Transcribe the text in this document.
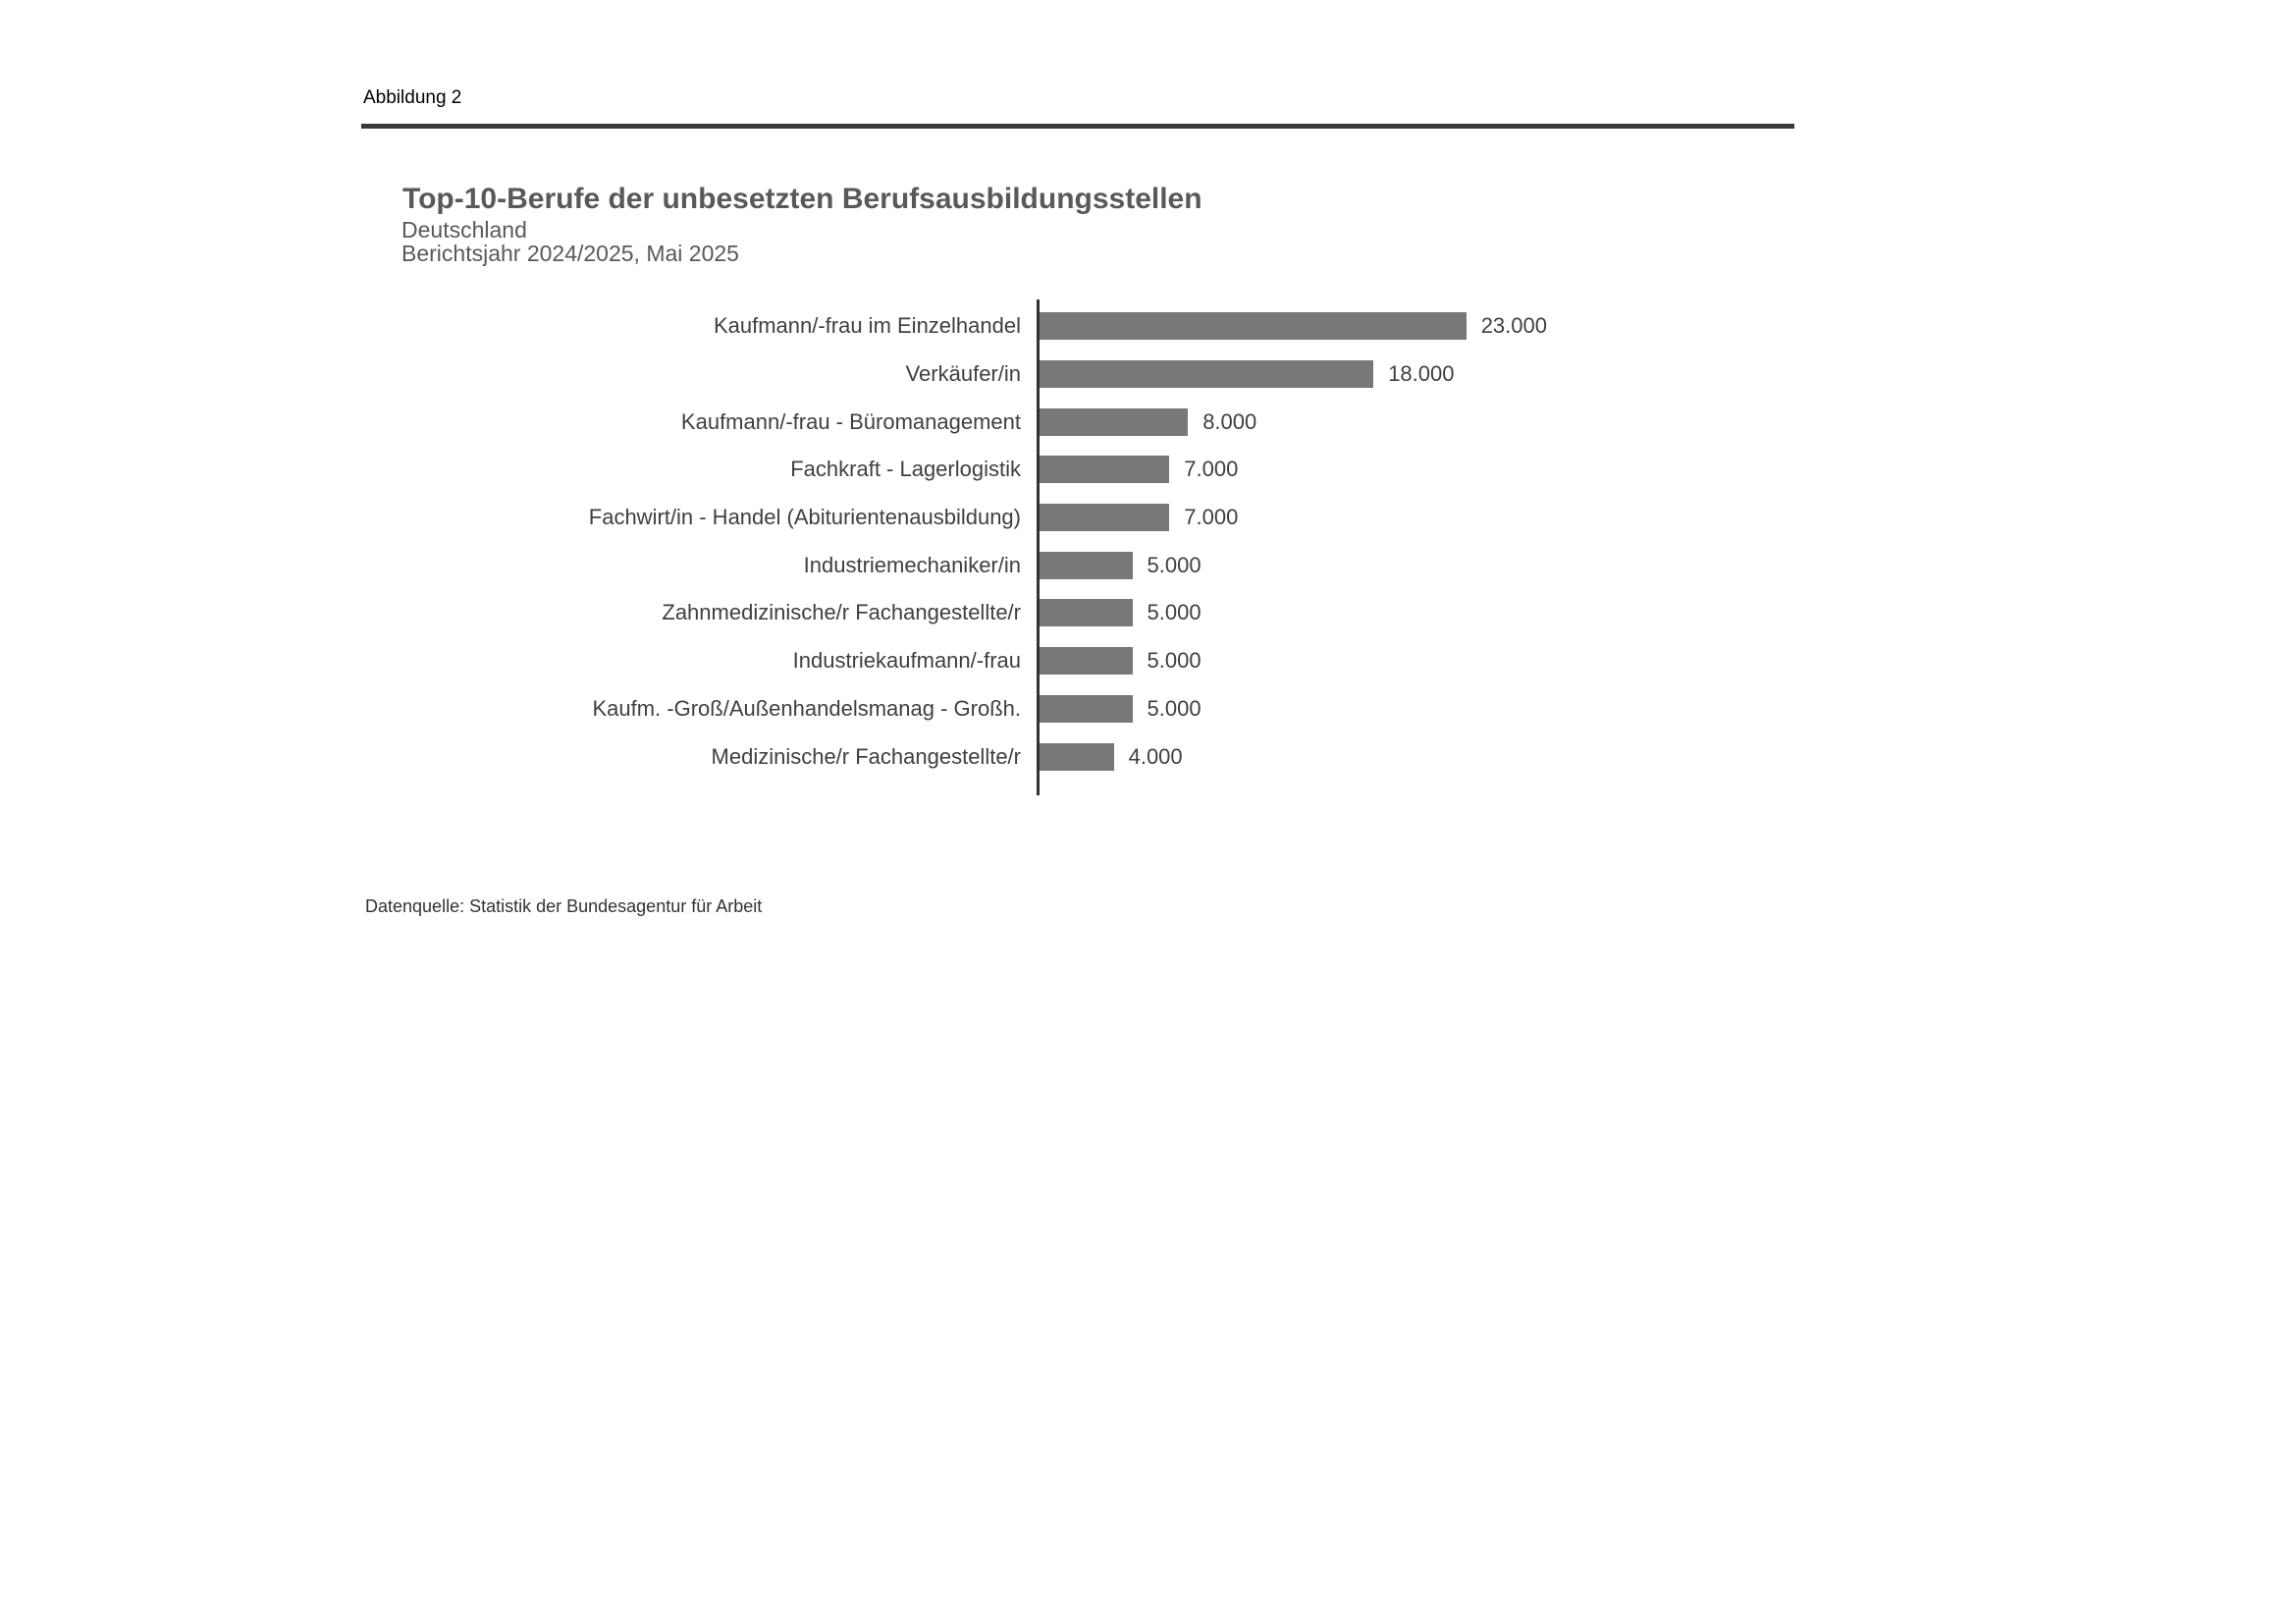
Abbildung 2
Top-10-Berufe der unbesetzten Berufsausbildungsstellen
Deutschland
Berichtsjahr 2024/2025, Mai 2025
Kaufmann/-frau im Einzelhandel
Verkäufer/in
Kaufmann/-frau - Büromanagement
Fachkraft - Lagerlogistik
Fachwirt/in - Handel (Abiturientenausbildung)
Industriemechaniker/in
Zahnmedizinische/r Fachangestellte/r
Industriekaufmann/-frau
Kaufm. -Groß/Außenhandelsmanag - Großh.
Medizinische/r Fachangestellte/r
23.000
18.000
8.000
7.000
7.000
5.000
5.000
5.000
5.000
4.000
Datenquelle: Statistik der Bundesagentur für Arbeit
